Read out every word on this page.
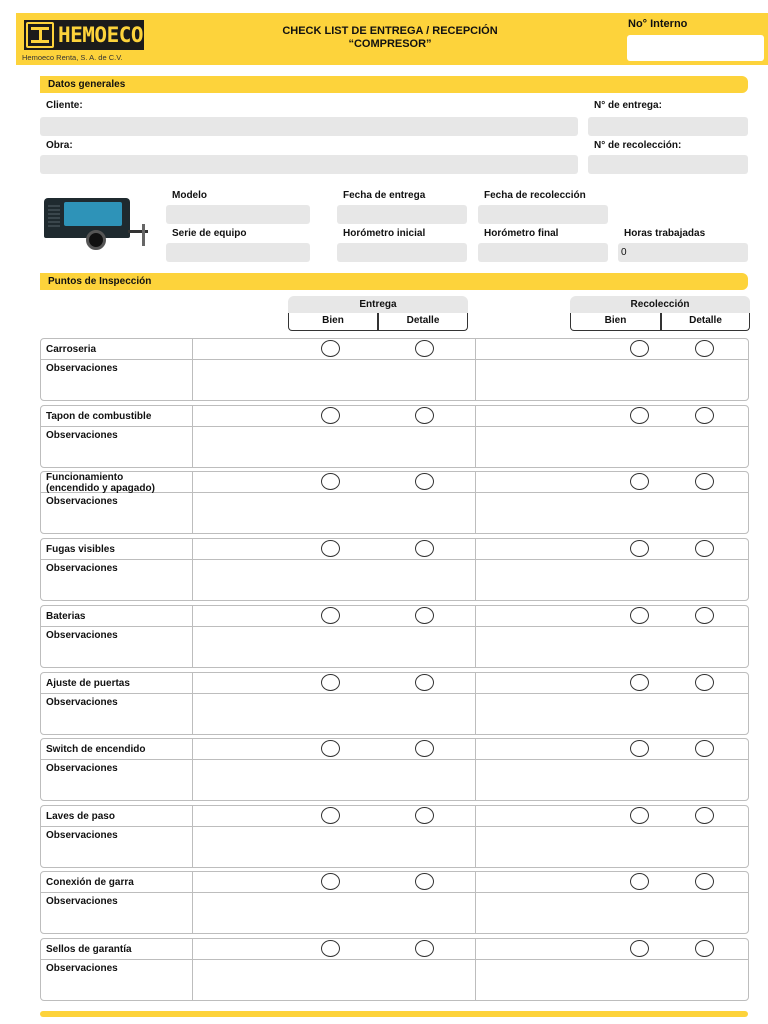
HEMOECO
Hemoeco Renta, S. A. de C.V.
CHECK LIST DE ENTREGA / RECEPCIÓN
“COMPRESOR”
No° Interno
Datos generales
Cliente:	N° de entrega:
Obra:	N° de recolección:
Modelo	Fecha de entrega	Fecha de recolección
Serie de equipo	Horómetro inicial	Horómetro final	Horas trabajadas
0
Puntos de Inspección
Entrega
Bien	Detalle
Recolección
Bien	Detalle
Carroseria
Observaciones
Tapon de combustible
Observaciones
Funcionamiento
(encendido y apagado)
Observaciones
Fugas visibles
Observaciones
Baterias
Observaciones
Ajuste de puertas
Observaciones
Switch de encendido
Observaciones
Laves de paso
Observaciones
Conexión de garra
Observaciones
Sellos de garantía
Observaciones
